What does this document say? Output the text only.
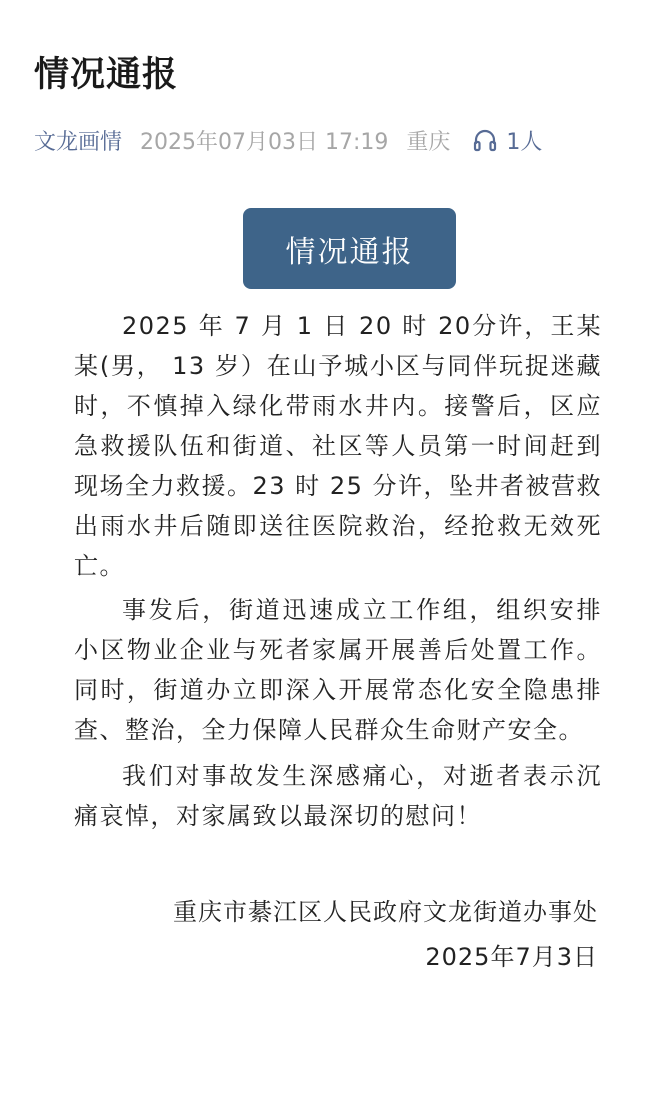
情况通报
文龙画情 2025年07月03日 17:19 重庆	1人
情况通报

2025 年 7 月 1 日 20 时 20分许，王某某(男， 13 岁）在山予城小区与同伴玩捉迷藏时，不慎掉入绿化带雨水井内。接警后，区应急救援队伍和街道、社区等人员第一时间赶到现场全力救援。23 时 25 分许，坠井者被营救出雨水井后随即送往医院救治，经抢救无效死亡。

事发后，街道迅速成立工作组，组织安排小区物业企业与死者家属开展善后处置工作。同时，街道办立即深入开展常态化安全隐患排查、整治，全力保障人民群众生命财产安全。

我们对事故发生深感痛心，对逝者表示沉痛哀悼，对家属致以最深切的慰问！

重庆市綦江区人民政府文龙街道办事处
2025年7月3日
